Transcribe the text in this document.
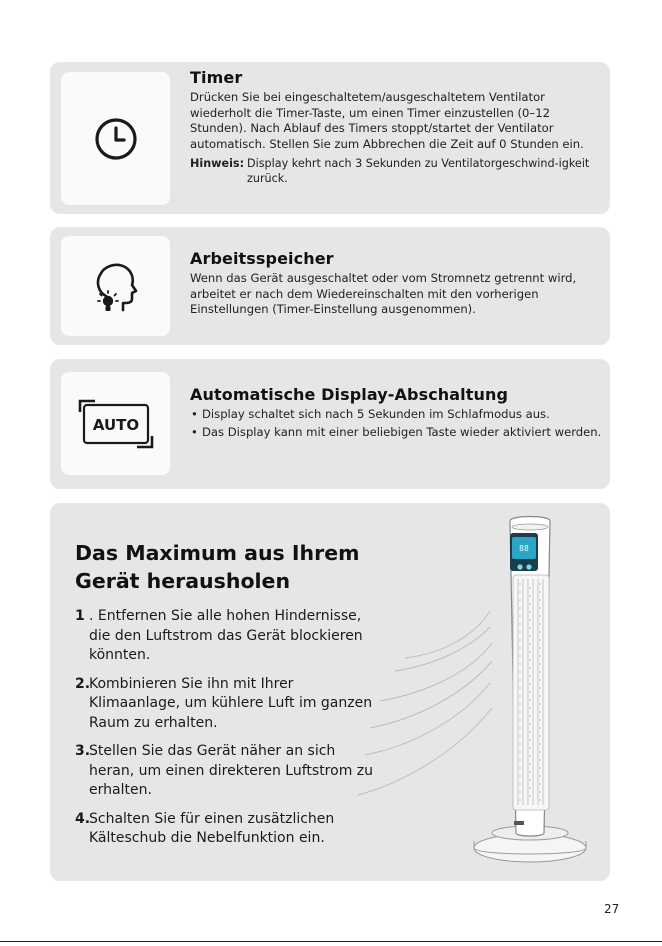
Timer

Drücken Sie bei eingeschaltetem/ausgeschaltetem Ventilator wiederholt die Timer-Taste, um einen Timer einzustellen (0–12 Stunden). Nach Ablauf des Timers stoppt/startet der Ventilator automatisch. Stellen Sie zum Abbrechen die Zeit auf 0 Stunden ein.

Hinweis: Display kehrt nach 3 Sekunden zu Ventilatorgeschwind-igkeit zurück.
Arbeitsspeicher

Wenn das Gerät ausgeschaltet oder vom Stromnetz getrennt wird, arbeitet er nach dem Wiedereinschalten mit den vorherigen Einstellungen (Timer-Einstellung ausgenommen).

AUTO
Automatische Display-Abschaltung
• Display schaltet sich nach 5 Sekunden im Schlafmodus aus.
• Das Display kann mit einer beliebigen Taste wieder aktiviert werden.
Das Maximum aus Ihrem Gerät herausholen
1 . Entfernen Sie alle hohen Hindernisse, die den Luftstrom das Gerät blockieren könnten.
2.
Kombinieren Sie ihn mit Ihrer Klimaanlage, um kühlere Luft im ganzen Raum zu erhalten.
3.
Stellen Sie das Gerät näher an sich heran, um einen direkteren Luftstrom zu erhalten.
4.
Schalten Sie für einen zusätzlichen Kälteschub die Nebelfunktion ein.
88
27
